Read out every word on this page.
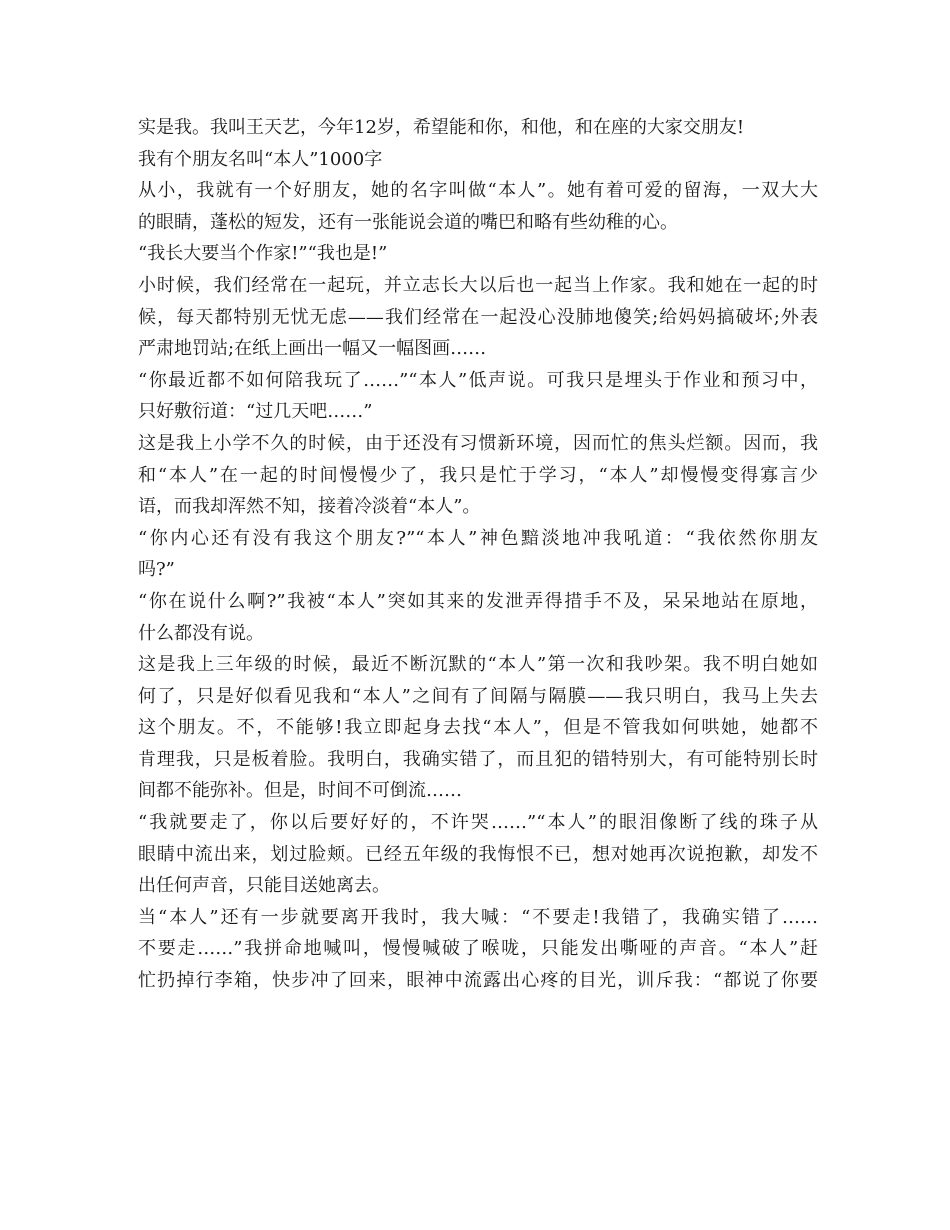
实是我。我叫王天艺，今年12岁，希望能和你，和他，和在座的大家交朋友!
我有个朋友名叫“本人”1000字
从小，我就有一个好朋友，她的名字叫做“本人”。她有着可爱的留海，一双大大
的眼睛，蓬松的短发，还有一张能说会道的嘴巴和略有些幼稚的心。
“我长大要当个作家!”“我也是!”
小时候，我们经常在一起玩，并立志长大以后也一起当上作家。我和她在一起的时
候，每天都特别无忧无虑——我们经常在一起没心没肺地傻笑;给妈妈搞破坏;外表
严肃地罚站;在纸上画出一幅又一幅图画……
“你最近都不如何陪我玩了……”“本人”低声说。可我只是埋头于作业和预习中，
只好敷衍道：“过几天吧……”
这是我上小学不久的时候，由于还没有习惯新环境，因而忙的焦头烂额。因而，我
和“本人”在一起的时间慢慢少了，我只是忙于学习，“本人”却慢慢变得寡言少
语，而我却浑然不知，接着冷淡着“本人”。
“你内心还有没有我这个朋友?”“本人”神色黯淡地冲我吼道：“我依然你朋友
吗?”
“你在说什么啊?”我被“本人”突如其来的发泄弄得措手不及，呆呆地站在原地，
什么都没有说。
这是我上三年级的时候，最近不断沉默的“本人”第一次和我吵架。我不明白她如
何了，只是好似看见我和“本人”之间有了间隔与隔膜——我只明白，我马上失去
这个朋友。不，不能够!我立即起身去找“本人”，但是不管我如何哄她，她都不
肯理我，只是板着脸。我明白，我确实错了，而且犯的错特别大，有可能特别长时
间都不能弥补。但是，时间不可倒流……
“我就要走了，你以后要好好的，不许哭……”“本人”的眼泪像断了线的珠子从
眼睛中流出来，划过脸颊。已经五年级的我悔恨不已，想对她再次说抱歉，却发不
出任何声音，只能目送她离去。
当“本人”还有一步就要离开我时，我大喊：“不要走!我错了，我确实错了……
不要走……”我拼命地喊叫，慢慢喊破了喉咙，只能发出嘶哑的声音。“本人”赶
忙扔掉行李箱，快步冲了回来，眼神中流露出心疼的目光，训斥我：“都说了你要
